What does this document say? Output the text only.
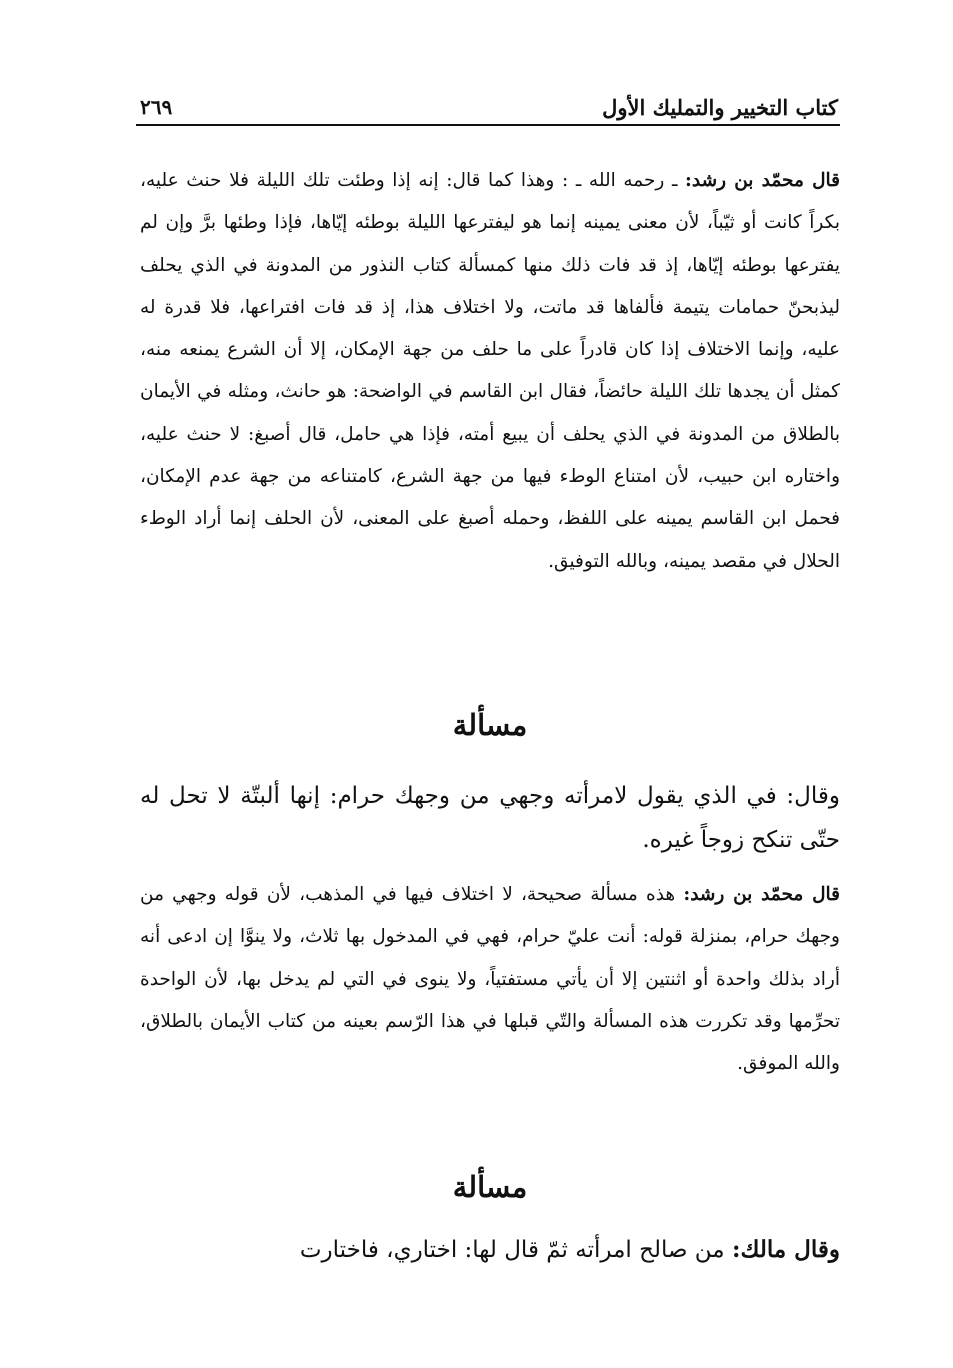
كتاب التخيير والتمليك الأول
٢٦٩

قال محمّد بن رشد: ـ رحمه الله ـ : وهذا كما قال: إنه إذا وطئت تلك الليلة فلا حنث عليه، بكراً كانت أو ثيّباً، لأن معنى يمينه إنما هو ليفترعها الليلة بوطئه إيّاها، فإذا وطئها برَّ وإن لم يفترعها بوطئه إيّاها، إذ قد فات ذلك منها كمسألة كتاب النذور من المدونة في الذي يحلف ليذبحنّ حمامات يتيمة فألفاها قد ماتت، ولا اختلاف هذا، إذ قد فات افتراعها، فلا قدرة له عليه، وإنما الاختلاف إذا كان قادراً على ما حلف من جهة الإمكان، إلا أن الشرع يمنعه منه، كمثل أن يجدها تلك الليلة حائضاً، فقال ابن القاسم في الواضحة: هو حانث، ومثله في الأيمان بالطلاق من المدونة في الذي يحلف أن يبيع أمته، فإذا هي حامل، قال أصبغ: لا حنث عليه، واختاره ابن حبيب، لأن امتناع الوطء فيها من جهة الشرع، كامتناعه من جهة عدم الإمكان، فحمل ابن القاسم يمينه على اللفظ، وحمله أصبغ على المعنى، لأن الحلف إنما أراد الوطء الحلال في مقصد يمينه، وبالله التوفيق.

مسألة

وقال: في الذي يقول لامرأته وجهي من وجهك حرام: إنها ألبتّة لا تحل له حتّى تنكح زوجاً غيره.

قال محمّد بن رشد: هذه مسألة صحيحة، لا اختلاف فيها في المذهب، لأن قوله وجهي من وجهك حرام، بمنزلة قوله: أنت عليّ حرام، فهي في المدخول بها ثلاث، ولا ينوَّا إن ادعى أنه أراد بذلك واحدة أو اثنتين إلا أن يأتي مستفتياً، ولا ينوى في التي لم يدخل بها، لأن الواحدة تحرِّمها وقد تكررت هذه المسألة والتّي قبلها في هذا الرّسم بعينه من كتاب الأيمان بالطلاق، والله الموفق.

مسألة

وقال مالك: من صالح امرأته ثمّ قال لها: اختاري، فاختارت
